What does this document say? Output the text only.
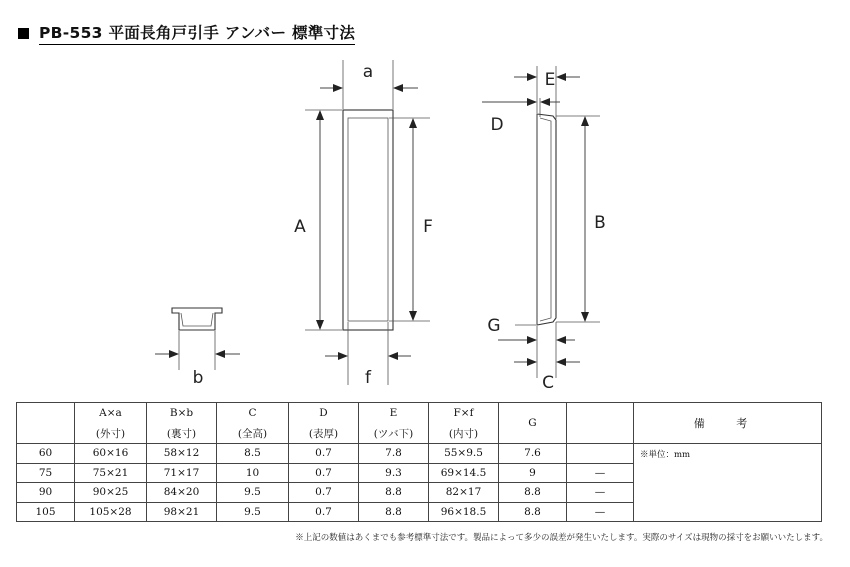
PB-553 平面長角戸引手 アンバー 標準寸法
b
a
A	F
f
E
D
B
G
C
	A×a	B×b	C	D	E	F×f	G		備 考
	(外寸)	(裏寸)	(全高)	(表厚)	(ツバ下)	(内寸)			
60	60×16	58×12	8.5	0.7	7.8	55×9.5	7.6		※単位：mm
75	75×21	71×17	10	0.7	9.3	69×14.5	9	—	
90	90×25	84×20	9.5	0.7	8.8	82×17	8.8	—	
105	105×28	98×21	9.5	0.7	8.8	96×18.5	8.8	—	
※上記の数値はあくまでも参考標準寸法です。製品によって多少の誤差が発生いたします。実際のサイズは現物の採寸をお願いいたします。
